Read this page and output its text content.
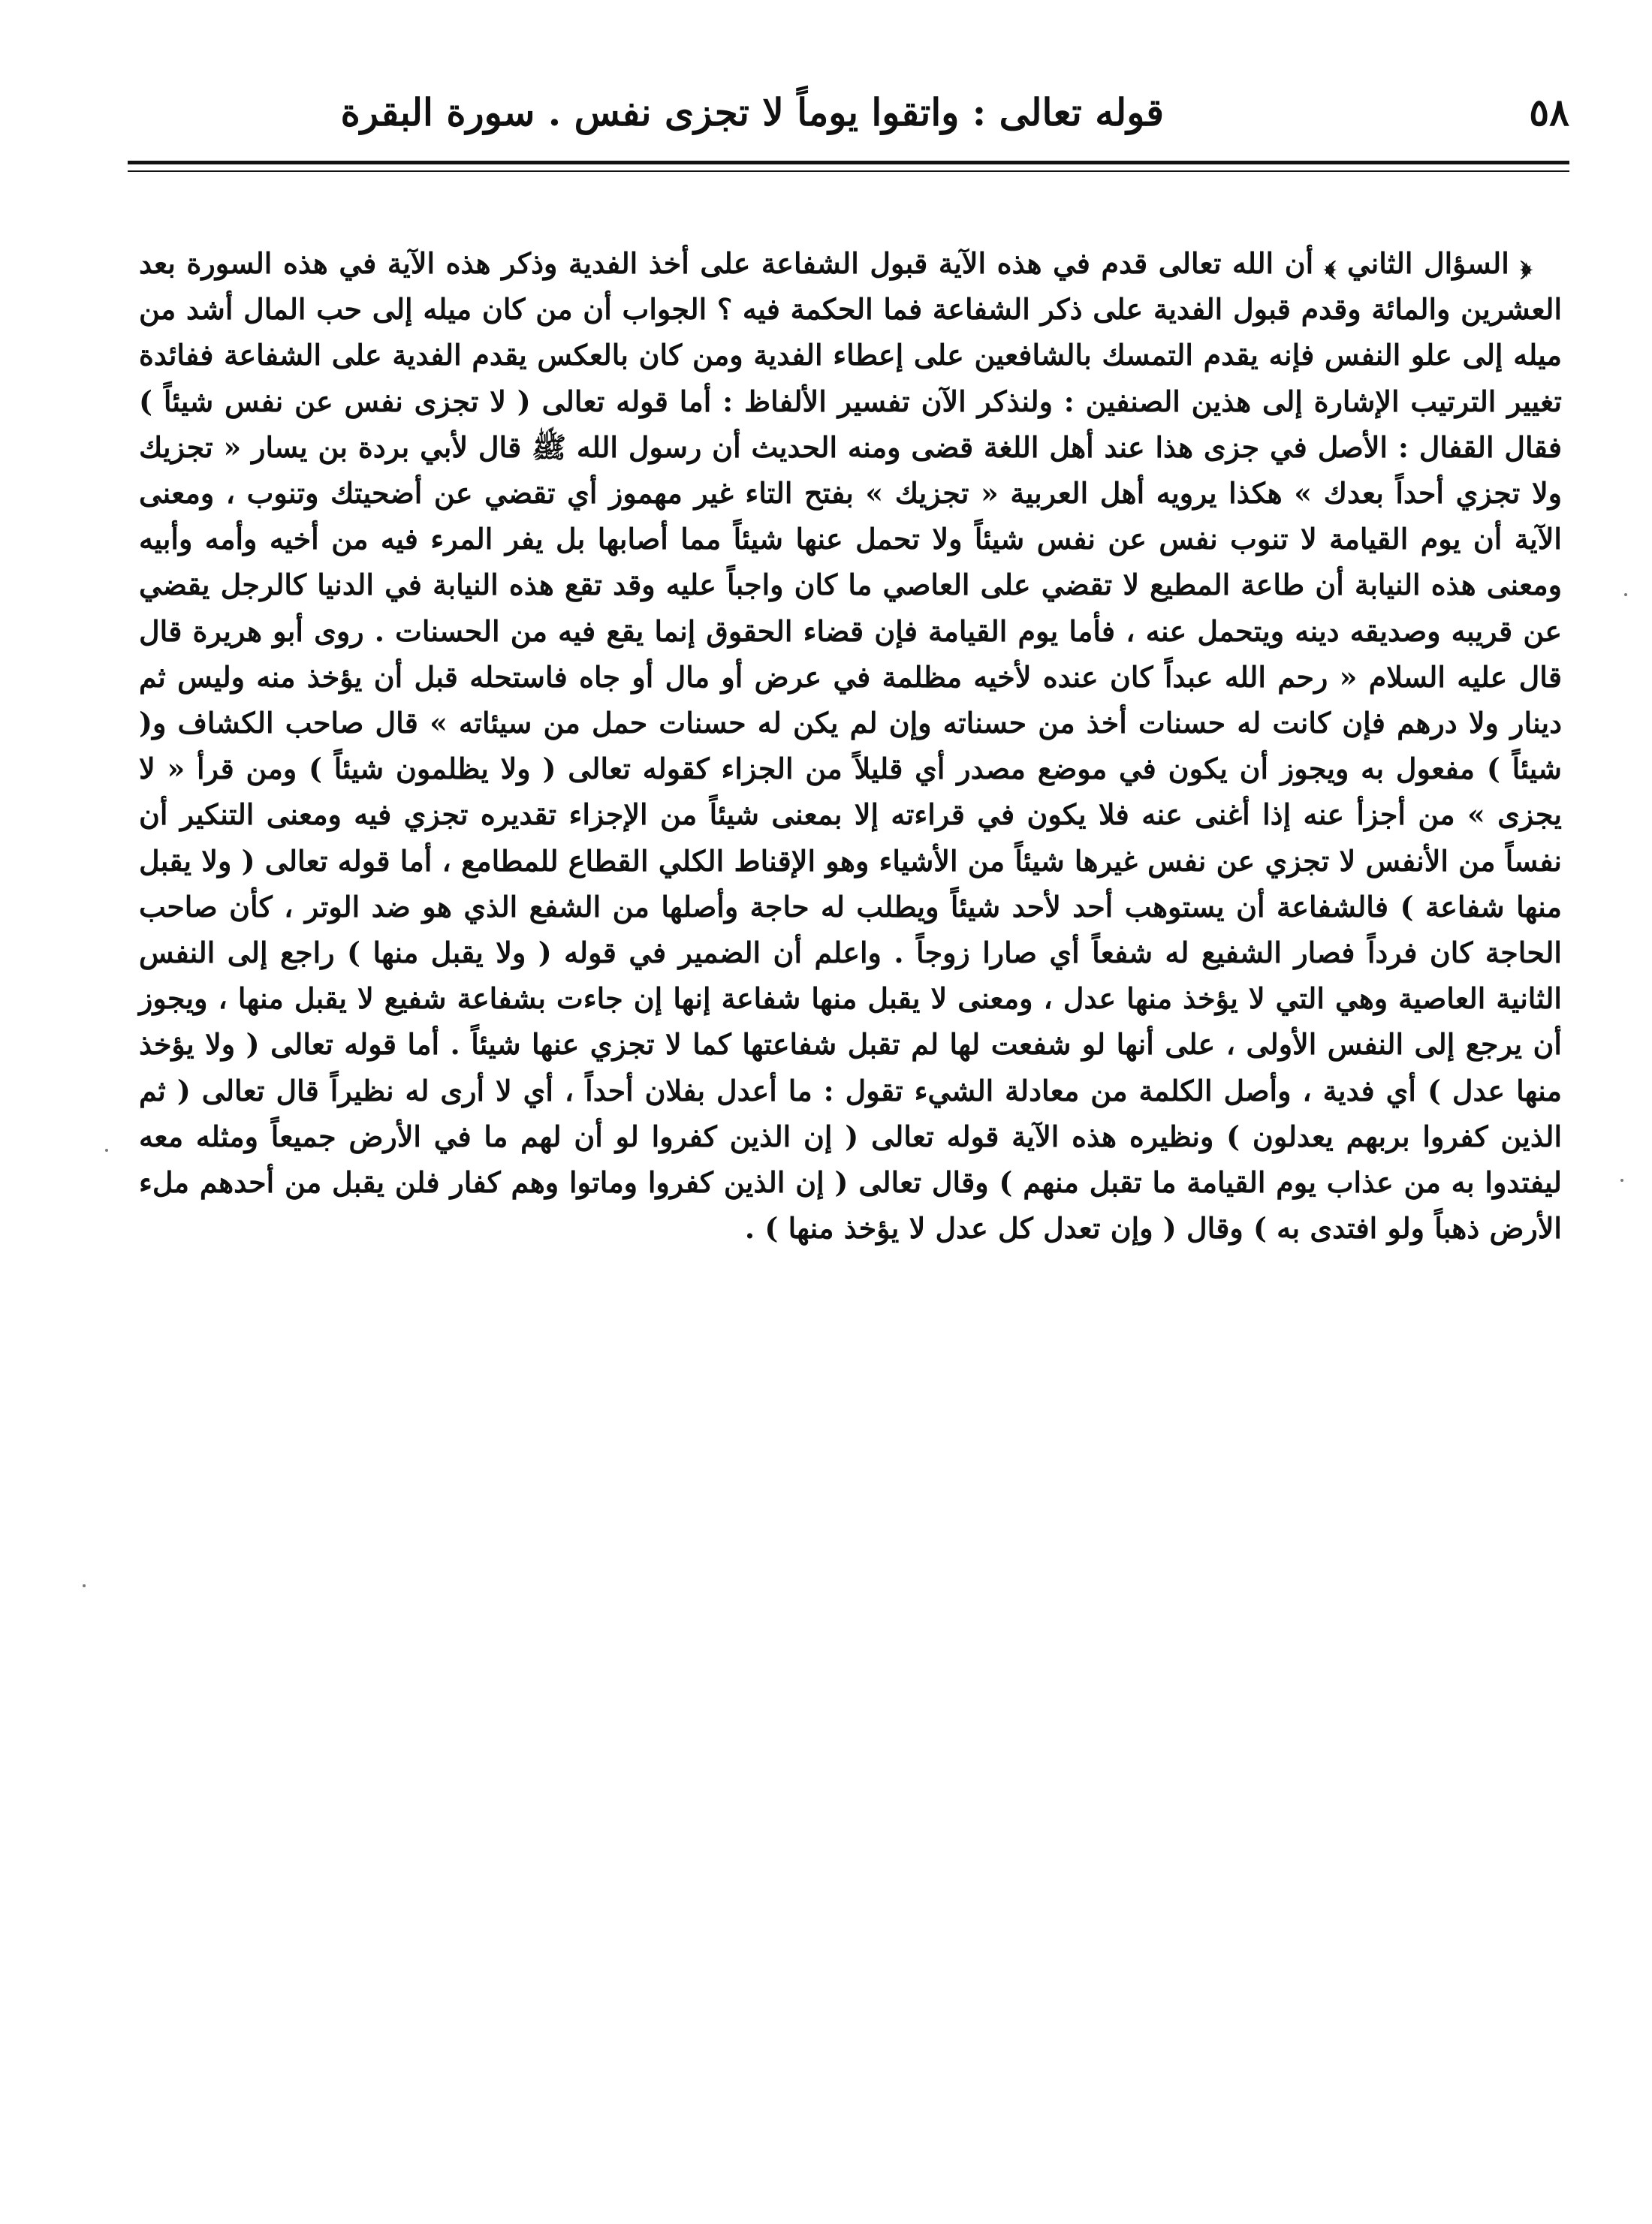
٥٨
قوله تعالى : واتقوا يوماً لا تجزى نفس . سورة البقرة

﴿ السؤال الثاني ﴾ أن الله تعالى قدم في هذه الآية قبول الشفاعة على أخذ الفدية وذكر هذه الآية في هذه السورة بعد العشرين والمائة وقدم قبول الفدية على ذكر الشفاعة فما الحكمة فيه ؟ الجواب أن من كان ميله إلى حب المال أشد من ميله إلى علو النفس فإنه يقدم التمسك بالشافعين على إعطاء الفدية ومن كان بالعكس يقدم الفدية على الشفاعة ففائدة تغيير الترتيب الإشارة إلى هذين الصنفين : ولنذكر الآن تفسير الألفاظ : أما قوله تعالى ( لا تجزى نفس عن نفس شيئاً ) فقال القفال : الأصل في جزى هذا عند أهل اللغة قضى ومنه الحديث أن رسول الله ﷺ قال لأبي بردة بن يسار « تجزيك ولا تجزي أحداً بعدك » هكذا يرويه أهل العربية « تجزيك » بفتح التاء غير مهموز أي تقضي عن أضحيتك وتنوب ، ومعنى الآية أن يوم القيامة لا تنوب نفس عن نفس شيئاً ولا تحمل عنها شيئاً مما أصابها بل يفر المرء فيه من أخيه وأمه وأبيه ومعنى هذه النيابة أن طاعة المطيع لا تقضي على العاصي ما كان واجباً عليه وقد تقع هذه النيابة في الدنيا كالرجل يقضي عن قريبه وصديقه دينه ويتحمل عنه ، فأما يوم القيامة فإن قضاء الحقوق إنما يقع فيه من الحسنات . روى أبو هريرة قال قال عليه السلام « رحم الله عبداً كان عنده لأخيه مظلمة في عرض أو مال أو جاه فاستحله قبل أن يؤخذ منه وليس ثم دينار ولا درهم فإن كانت له حسنات أخذ من حسناته وإن لم يكن له حسنات حمل من سيئاته » قال صاحب الكشاف و( شيئاً ) مفعول به ويجوز أن يكون في موضع مصدر أي قليلاً من الجزاء كقوله تعالى ( ولا يظلمون شيئاً ) ومن قرأ « لا يجزى » من أجزأ عنه إذا أغنى عنه فلا يكون في قراءته إلا بمعنى شيئاً من الإجزاء تقديره تجزي فيه ومعنى التنكير أن نفساً من الأنفس لا تجزي عن نفس غيرها شيئاً من الأشياء وهو الإقناط الكلي القطاع للمطامع ، أما قوله تعالى ( ولا يقبل منها شفاعة ) فالشفاعة أن يستوهب أحد لأحد شيئاً ويطلب له حاجة وأصلها من الشفع الذي هو ضد الوتر ، كأن صاحب الحاجة كان فرداً فصار الشفيع له شفعاً أي صارا زوجاً . واعلم أن الضمير في قوله ( ولا يقبل منها ) راجع إلى النفس الثانية العاصية وهي التي لا يؤخذ منها عدل ، ومعنى لا يقبل منها شفاعة إنها إن جاءت بشفاعة شفيع لا يقبل منها ، ويجوز أن يرجع إلى النفس الأولى ، على أنها لو شفعت لها لم تقبل شفاعتها كما لا تجزي عنها شيئاً . أما قوله تعالى ( ولا يؤخذ منها عدل ) أي فدية ، وأصل الكلمة من معادلة الشيء تقول : ما أعدل بفلان أحداً ، أي لا أرى له نظيراً قال تعالى ( ثم الذين كفروا بربهم يعدلون ) ونظيره هذه الآية قوله تعالى ( إن الذين كفروا لو أن لهم ما في الأرض جميعاً ومثله معه ليفتدوا به من عذاب يوم القيامة ما تقبل منهم ) وقال تعالى ( إن الذين كفروا وماتوا وهم كفار فلن يقبل من أحدهم ملء الأرض ذهباً ولو افتدى به ) وقال ( وإن تعدل كل عدل لا يؤخذ منها ) .
